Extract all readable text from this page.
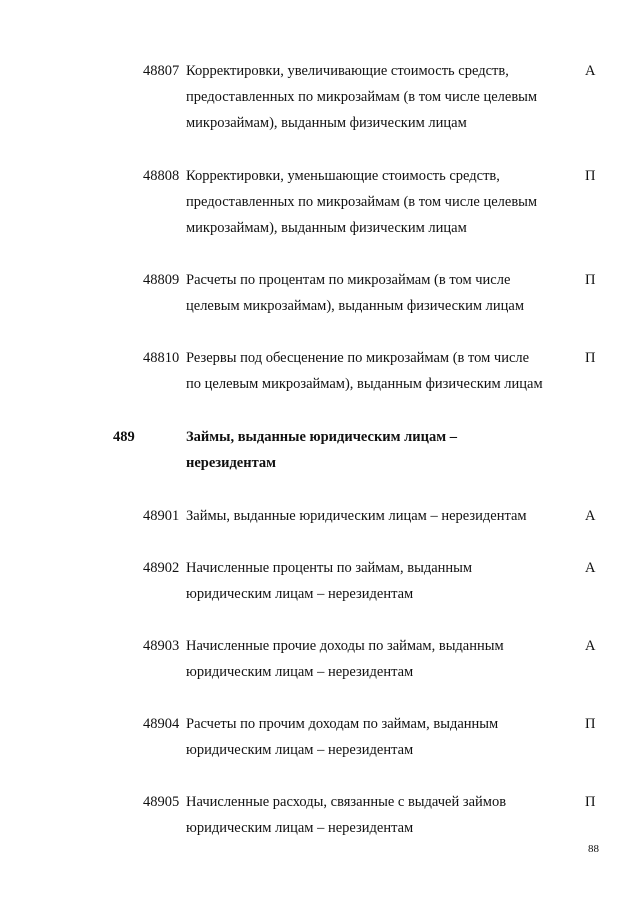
48807 Корректировки, увеличивающие стоимость средств,
предоставленных по микрозаймам (в том числе целевым
микрозаймам), выданным физическим лицам
А
48808 Корректировки, уменьшающие стоимость средств,
предоставленных по микрозаймам (в том числе целевым
микрозаймам), выданным физическим лицам
П
48809 Расчеты по процентам по микрозаймам (в том числе
целевым микрозаймам), выданным физическим лицам
П
48810 Резервы под обесценение по микрозаймам (в том числе
по целевым микрозаймам), выданным физическим лицам
П
489	Займы, выданные юридическим лицам –
нерезидентам
48901 Займы, выданные юридическим лицам – нерезидентам	А
48902 Начисленные проценты по займам, выданным
юридическим лицам – нерезидентам
А
48903 Начисленные прочие доходы по займам, выданным
юридическим лицам – нерезидентам
А
48904 Расчеты по прочим доходам по займам, выданным
юридическим лицам – нерезидентам
П
48905 Начисленные расходы, связанные с выдачей займов
юридическим лицам – нерезидентам
П
88
